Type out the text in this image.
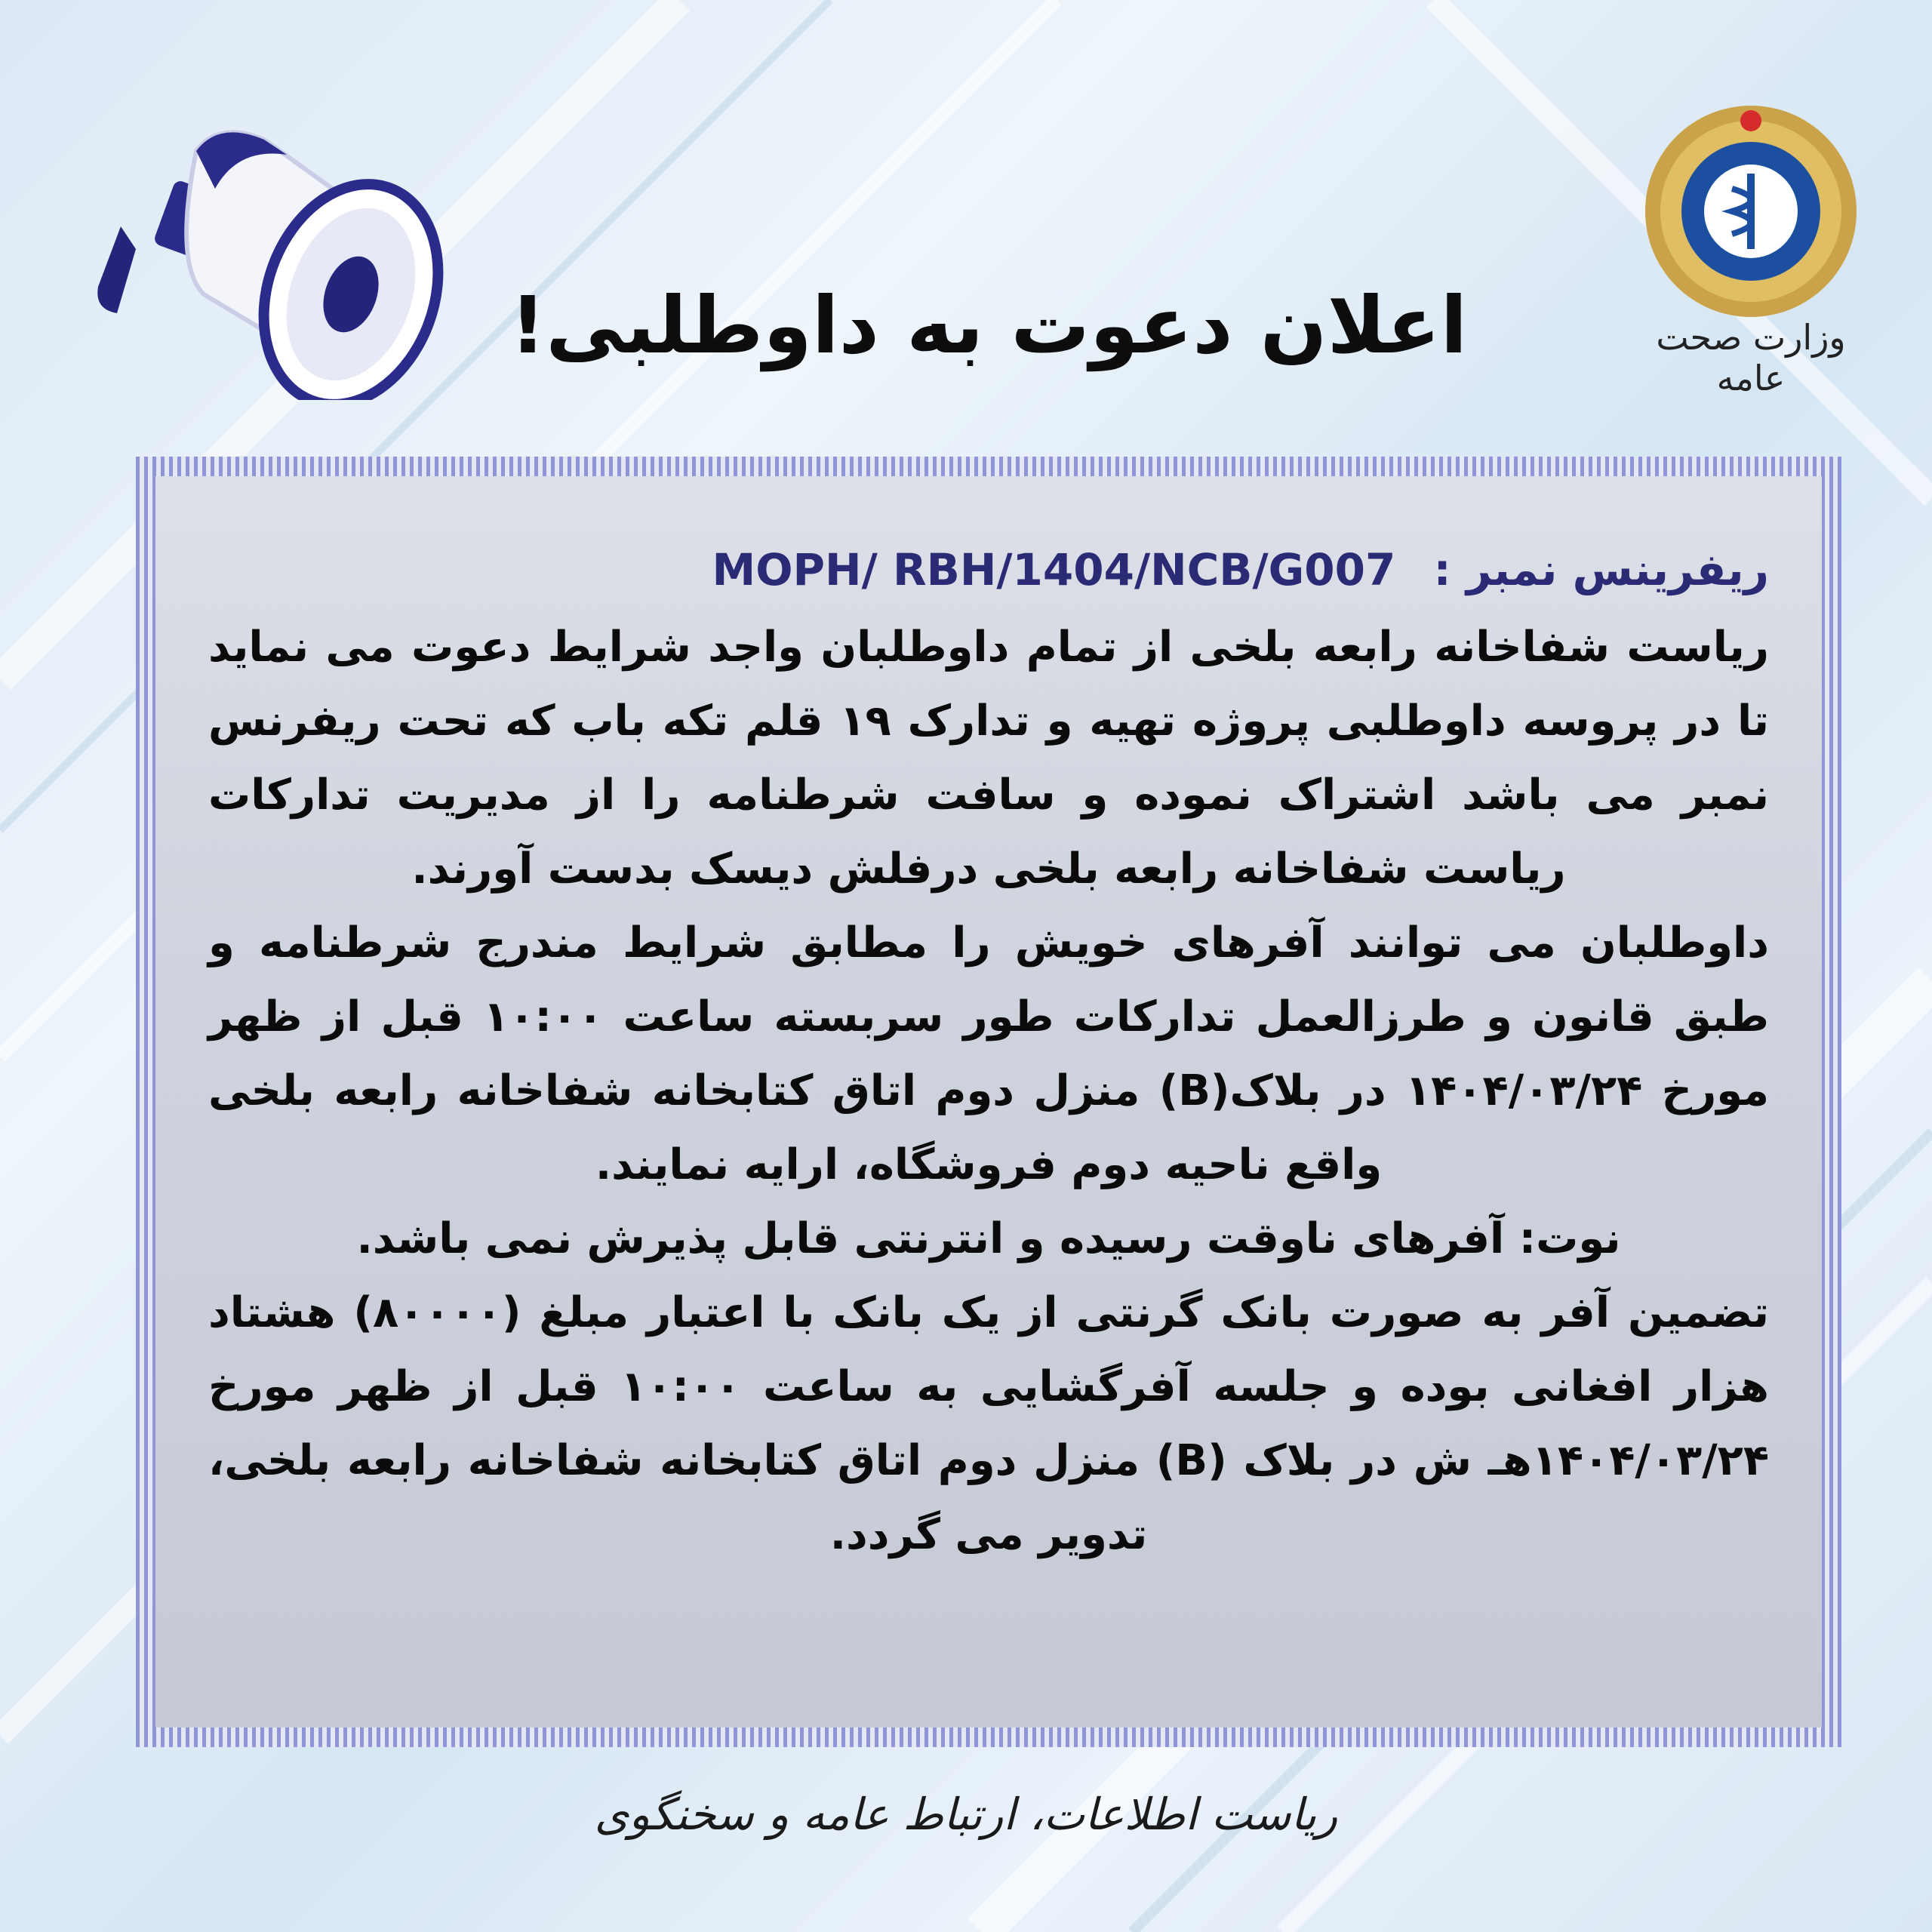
وزارت صحت عامه
اعلان دعوت به داوطلبی!

ریفرینس نمبر : MOPH/ RBH/1404/NCB/G007

ریاست شفاخانه رابعه بلخی از تمام داوطلبان واجد شرایط دعوت می نماید تا در پروسه داوطلبی پروژه تهیه و تدارک ۱۹ قلم تکه باب که تحت ریفرنس نمبر می باشد اشتراک نموده و سافت شرطنامه را از مدیریت تدارکات ریاست شفاخانه رابعه بلخی درفلش دیسک بدست آورند.

داوطلبان می توانند آفرهای خویش را مطابق شرایط مندرج شرطنامه و طبق قانون و طرزالعمل تدارکات طور سربسته ساعت ۱۰:۰۰ قبل از ظهر مورخ ۱۴۰۴/۰۳/۲۴ در بلاک(B) منزل دوم اتاق کتابخانه شفاخانه رابعه بلخی واقع ناحیه دوم فروشگاه، ارایه نمایند.

نوت: آفرهای ناوقت رسیده و انترنتی قابل پذیرش نمی باشد.

تضمین آفر به صورت بانک گرنتی از یک بانک با اعتبار مبلغ (۸۰۰۰۰) هشتاد هزار افغانی بوده و جلسه آفرگشایی به ساعت ۱۰:۰۰ قبل از ظهر مورخ ۱۴۰۴/۰۳/۲۴هـ ش در بلاک (B) منزل دوم اتاق کتابخانه شفاخانه رابعه بلخی، تدویر می گردد.

ریاست اطلاعات، ارتباط عامه و سخنگوی
